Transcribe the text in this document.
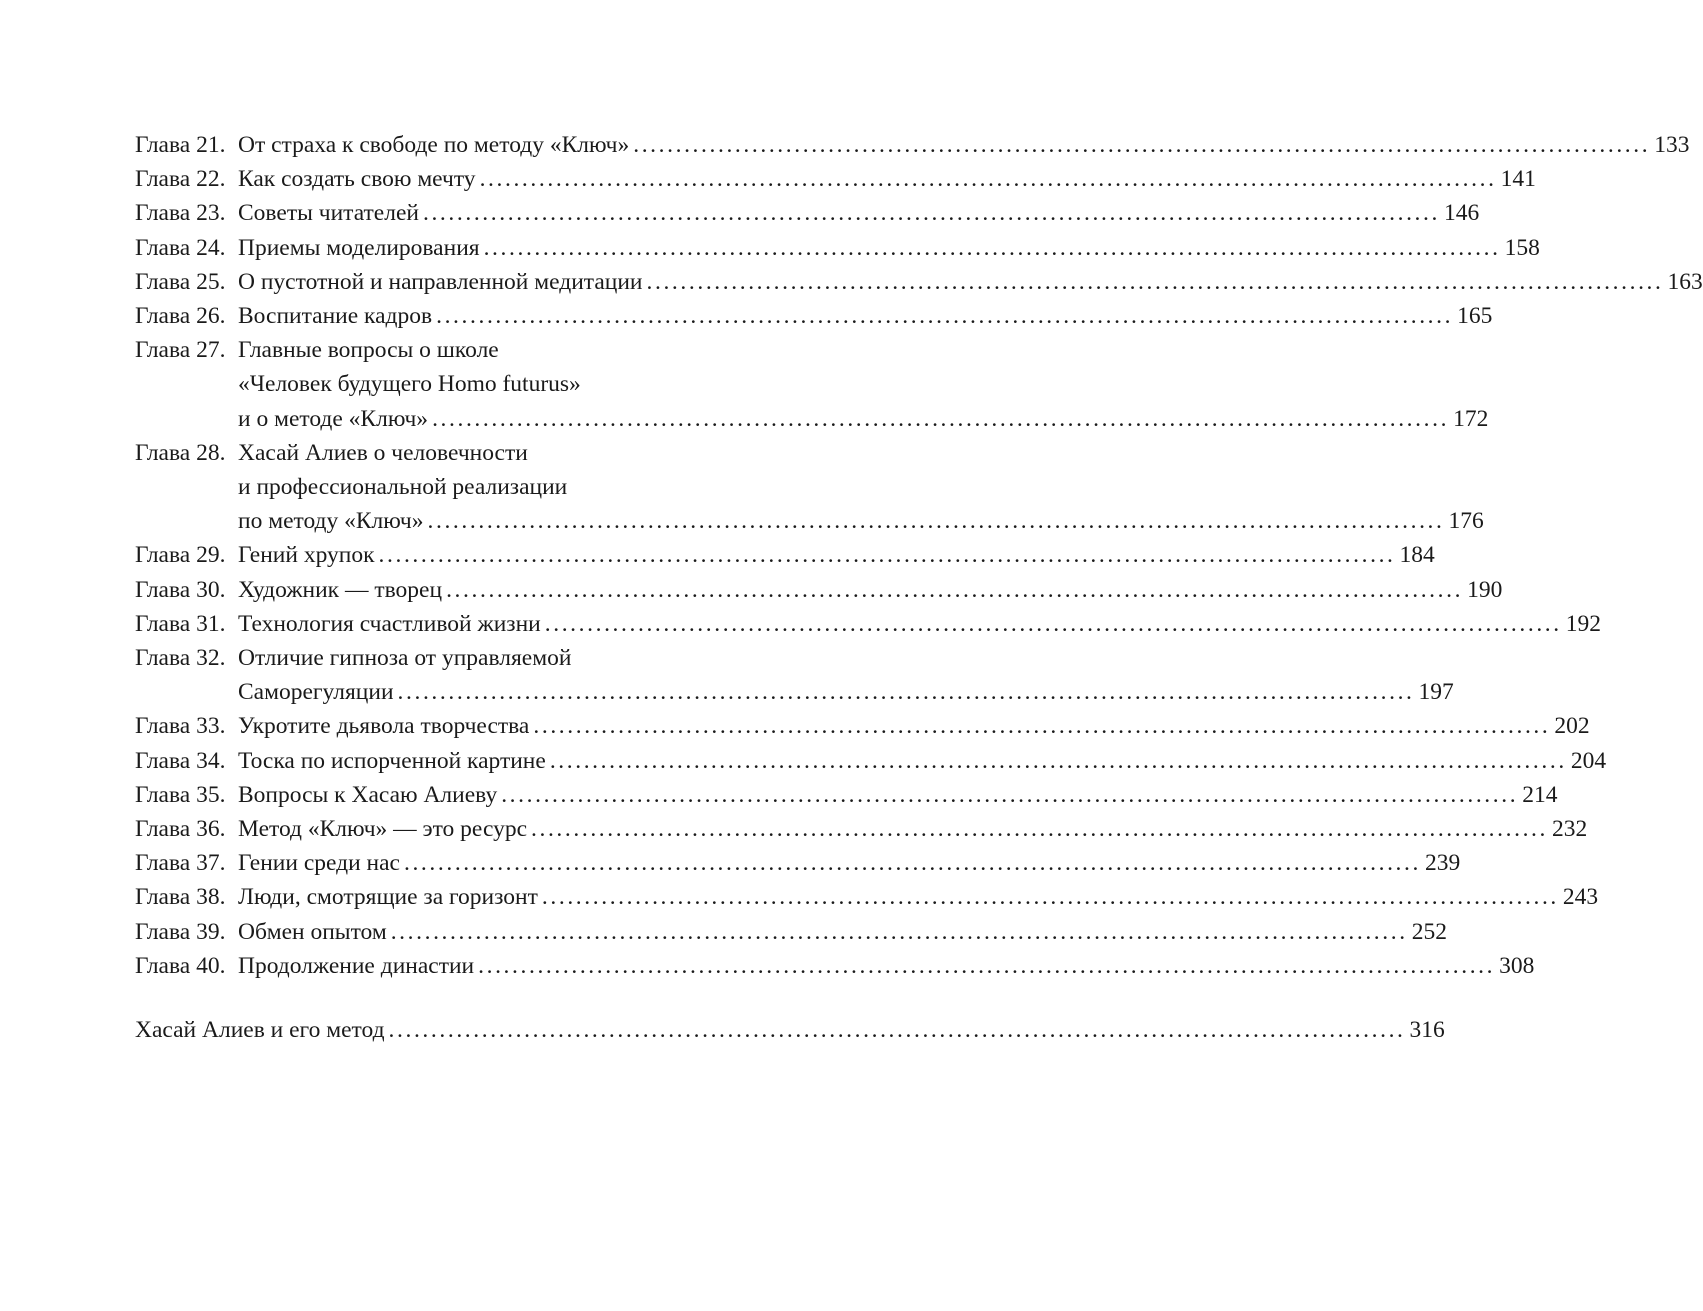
Глава 21. От страха к свободе по методу «Ключ» ........................................................................................................................ 133
Глава 22. Как создать свою мечту ........................................................................................................................ 141
Глава 23. Советы читателей ........................................................................................................................ 146
Глава 24. Приемы моделирования ........................................................................................................................ 158
Глава 25. О пустотной и направленной медитации ........................................................................................................................ 163
Глава 26. Воспитание кадров ........................................................................................................................ 165
Глава 27. Главные вопросы о школе
«Человек будущего Homo futurus»
и о методе «Ключ» ........................................................................................................................ 172
Глава 28. Хасай Алиев о человечности
и профессиональной реализации
по методу «Ключ» ........................................................................................................................ 176
Глава 29. Гений хрупок ........................................................................................................................ 184
Глава 30. Художник — творец ........................................................................................................................ 190
Глава 31. Технология счастливой жизни ........................................................................................................................ 192
Глава 32. Отличие гипноза от управляемой
Саморегуляции ........................................................................................................................ 197
Глава 33. Укротите дьявола творчества ........................................................................................................................ 202
Глава 34. Тоска по испорченной картине ........................................................................................................................ 204
Глава 35. Вопросы к Хасаю Алиеву ........................................................................................................................ 214
Глава 36. Метод «Ключ» — это ресурс ........................................................................................................................ 232
Глава 37. Гении среди нас ........................................................................................................................ 239
Глава 38. Люди, смотрящие за горизонт ........................................................................................................................ 243
Глава 39. Обмен опытом ........................................................................................................................ 252
Глава 40. Продолжение династии ........................................................................................................................ 308
Хасай Алиев и его метод ........................................................................................................................ 316
